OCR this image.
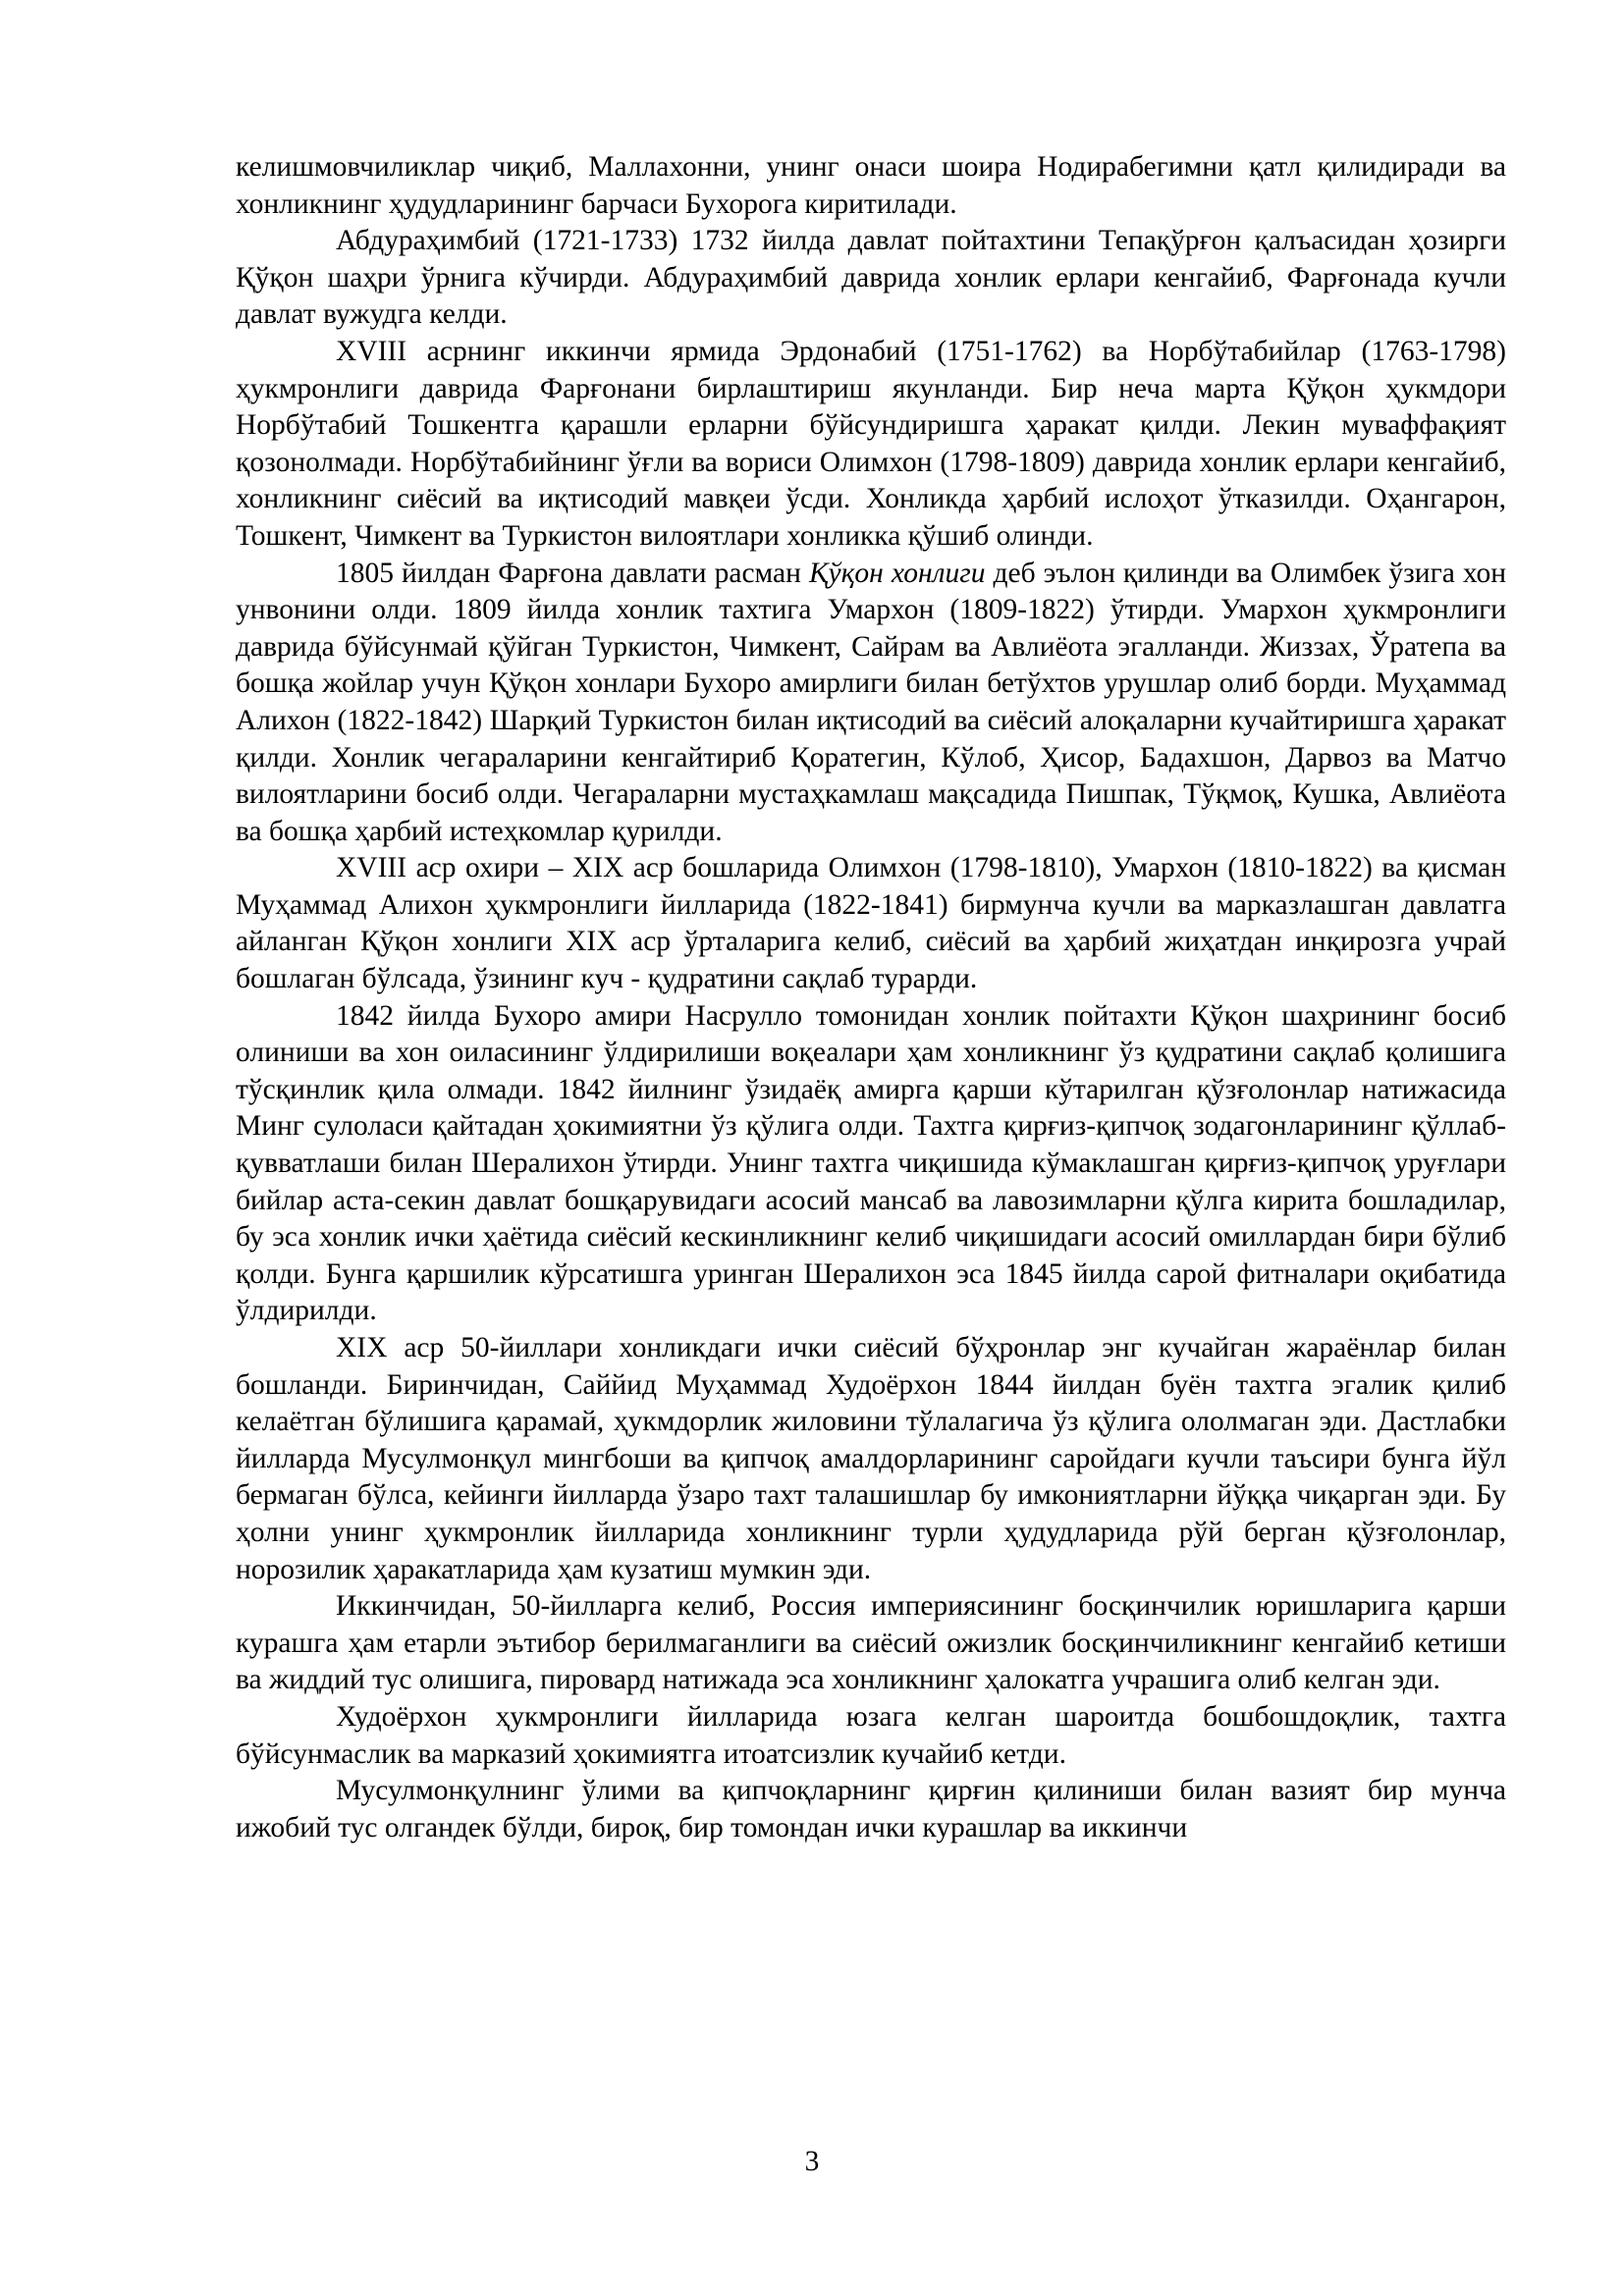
келишмовчиликлар чиқиб, Маллахонни, унинг онаси шоира Нодирабегимни қатл қилидиради ва хонликнинг ҳудудларининг барчаси Бухорога киритилади.

Абдураҳимбий (1721-1733) 1732 йилда давлат пойтахтини Тепақўрғон қалъасидан ҳозирги Қўқон шаҳри ўрнига кўчирди. Абдураҳимбий даврида хонлик ерлари кенгайиб, Фарғонада кучли давлат вужудга келди.

XVIII асрнинг иккинчи ярмида Эрдонабий (1751-1762) ва Норбўтабийлар (1763-1798) ҳукмронлиги даврида Фарғонани бирлаштириш якунланди. Бир неча марта Қўқон ҳукмдори Норбўтабий Тошкентга қарашли ерларни бўйсундиришга ҳаракат қилди. Лекин муваффақият қозонолмади. Норбўтабийнинг ўғли ва вориси Олимхон (1798-1809) даврида хонлик ерлари кенгайиб, хонликнинг сиёсий ва иқтисодий мавқеи ўсди. Хонликда ҳарбий ислоҳот ўтказилди. Оҳангарон, Тошкент, Чимкент ва Туркистон вилоятлари хонликка қўшиб олинди.

1805 йилдан Фарғона давлати расман Қўқон хонлиги деб эълон қилинди ва Олимбек ўзига хон унвонини олди. 1809 йилда хонлик тахтига Умархон (1809-1822) ўтирди. Умархон ҳукмронлиги даврида бўйсунмай қўйган Туркистон, Чимкент, Сайрам ва Авлиёота эгалланди. Жиззах, Ўратепа ва бошқа жойлар учун Қўқон хонлари Бухоро амирлиги билан бетўхтов урушлар олиб борди. Муҳаммад Алихон (1822-1842) Шарқий Туркистон билан иқтисодий ва сиёсий алоқаларни кучайтиришга ҳаракат қилди. Хонлик чегараларини кенгайтириб Қоратегин, Кўлоб, Ҳисор, Бадахшон, Дарвоз ва Матчо вилоятларини босиб олди. Чегараларни мустаҳкамлаш мақсадида Пишпак, Тўқмоқ, Кушка, Авлиёота ва бошқа ҳарбий истеҳкомлар қурилди.

XVIII аср охири – XIX аср бошларида Олимхон (1798-1810), Умархон (1810-1822) ва қисман Муҳаммад Алихон ҳукмронлиги йилларида (1822-1841) бирмунча кучли ва марказлашган давлатга айланган Қўқон хонлиги XIX аср ўрталарига келиб, сиёсий ва ҳарбий жиҳатдан инқирозга учрай бошлаган бўлсада, ўзининг куч - қудратини сақлаб турарди.

1842 йилда Бухоро амири Насрулло томонидан хонлик пойтахти Қўқон шаҳрининг босиб олиниши ва хон оиласининг ўлдирилиши воқеалари ҳам хонликнинг ўз қудратини сақлаб қолишига тўсқинлик қила олмади. 1842 йилнинг ўзидаёқ амирга қарши кўтарилган қўзғолонлар натижасида Минг сулоласи қайтадан ҳокимиятни ўз қўлига олди. Тахтга қирғиз-қипчоқ зодагонларининг қўллаб-қувватлаши билан Шералихон ўтирди. Унинг тахтга чиқишида кўмаклашган қирғиз-қипчоқ уруғлари бийлар аста-секин давлат бошқарувидаги асосий мансаб ва лавозимларни қўлга кирита бошладилар, бу эса хонлик ички ҳаётида сиёсий кескинликнинг келиб чиқишидаги асосий омиллардан бири бўлиб қолди. Бунга қаршилик кўрсатишга уринган Шералихон эса 1845 йилда сарой фитналари оқибатида ўлдирилди.

XIX аср 50-йиллари хонликдаги ички сиёсий бўҳронлар энг кучайган жараёнлар билан бошланди. Биринчидан, Саййид Муҳаммад Худоёрхон 1844 йилдан буён тахтга эгалик қилиб келаётган бўлишига қарамай, ҳукмдорлик жиловини тўлалагича ўз қўлига ололмаган эди. Дастлабки йилларда Мусулмонқул мингбоши ва қипчоқ амалдорларининг саройдаги кучли таъсири бунга йўл бермаган бўлса, кейинги йилларда ўзаро тахт талашишлар бу имкониятларни йўққа чиқарган эди. Бу ҳолни унинг ҳукмронлик йилларида хонликнинг турли ҳудудларида рўй берган қўзғолонлар, норозилик ҳаракатларида ҳам кузатиш мумкин эди.

Иккинчидан, 50-йилларга келиб, Россия империясининг босқинчилик юришларига қарши курашга ҳам етарли эътибор берилмаганлиги ва сиёсий ожизлик босқинчиликнинг кенгайиб кетиши ва жиддий тус олишига, пировард натижада эса хонликнинг ҳалокатга учрашига олиб келган эди.

Худоёрхон ҳукмронлиги йилларида юзага келган шароитда бошбошдоқлик, тахтга бўйсунмаслик ва марказий ҳокимиятга итоатсизлик кучайиб кетди.

Мусулмонқулнинг ўлими ва қипчоқларнинг қирғин қилиниши билан вазият бир мунча ижобий тус олгандек бўлди, бироқ, бир томондан ички курашлар ва иккинчи

3
